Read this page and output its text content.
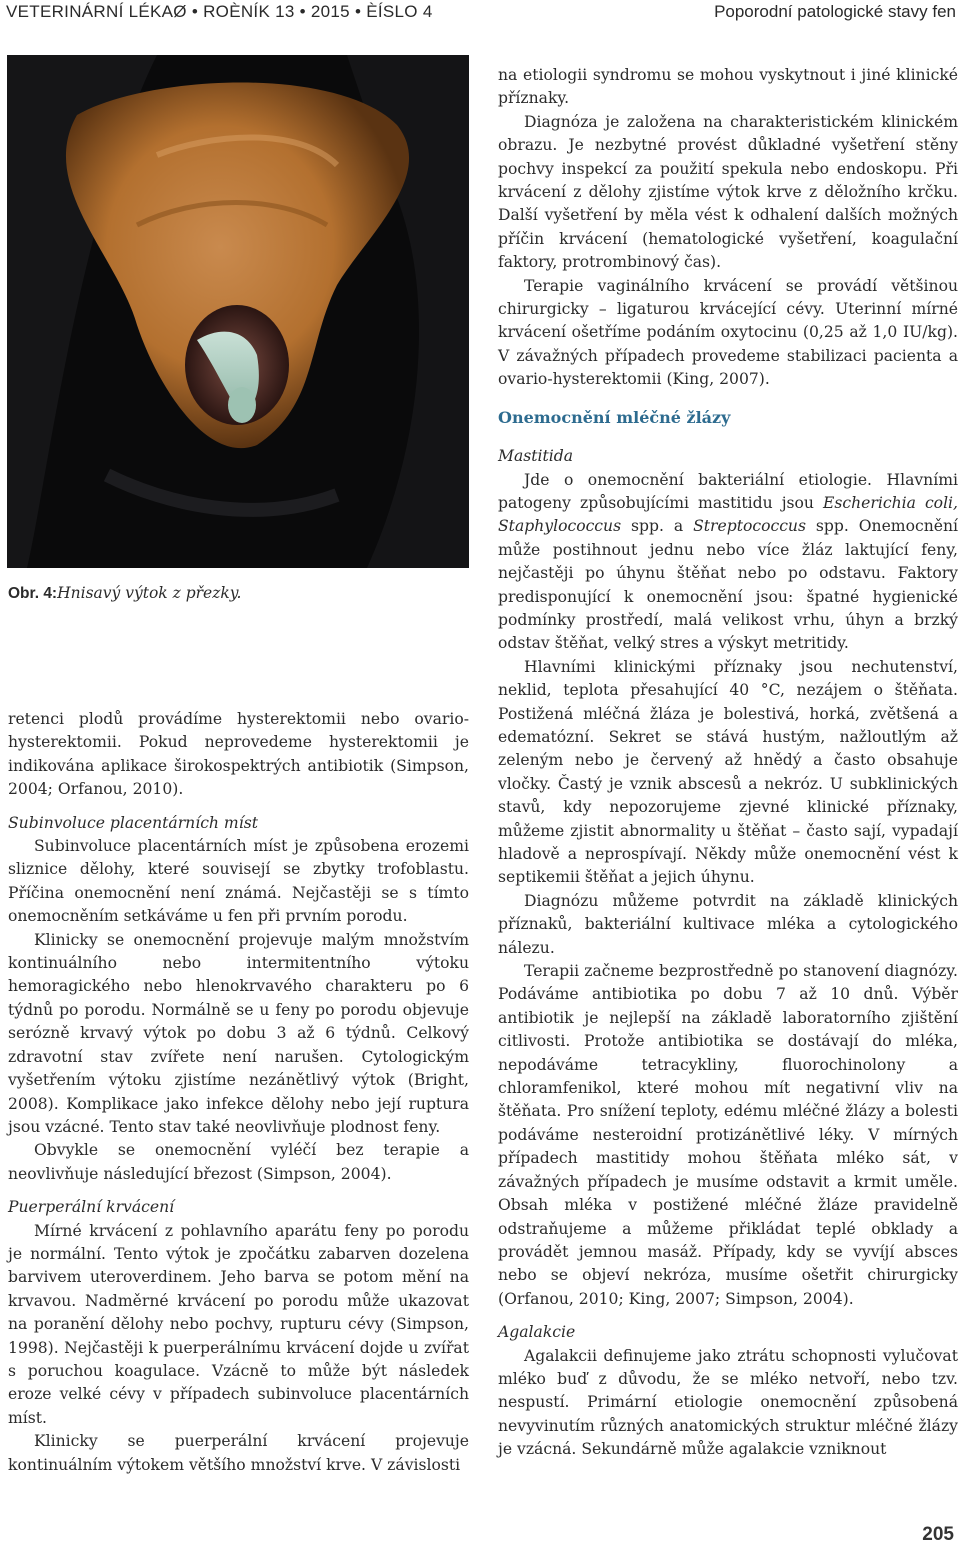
VETERINÁRNÍ LÉKAØ • ROÈNÍK 13 • 2015 • ÈÍSLO 4	Poporodní patologické stavy fen
Obr. 4:Hnisavý výtok z přezky.

retenci plodů provádíme hysterektomii nebo ovario-hysterektomii. Pokud neprovedeme hysterektomii je indikována aplikace širokospektrých antibiotik (Simpson, 2004; Orfanou, 2010).

Subinvoluce placentárních míst

Subinvoluce placentárních míst je způsobena erozemi sliznice dělohy, které souvisejí se zbytky trofoblastu. Příčina onemocnění není známá. Nejčastěji se s tímto onemocněním setkáváme u fen při prvním porodu.

Klinicky se onemocnění projevuje malým množstvím kontinuálního nebo intermitentního výtoku hemoragického nebo hlenokrvavého charakteru po 6 týdnů po porodu. Normálně se u feny po porodu objevuje serózně krvavý výtok po dobu 3 až 6 týdnů. Celkový zdravotní stav zvířete není narušen. Cytologickým vyšetřením výtoku zjistíme nezánětlivý výtok (Bright, 2008). Komplikace jako infekce dělohy nebo její ruptura jsou vzácné. Tento stav také neovlivňuje plodnost feny.

Obvykle se onemocnění vyléčí bez terapie a neovlivňuje následující březost (Simpson, 2004).

Puerperální krvácení

Mírné krvácení z pohlavního aparátu feny po porodu je normální. Tento výtok je zpočátku zabarven dozelena barvivem uteroverdinem. Jeho barva se potom mění na krvavou. Nadměrné krvácení po porodu může ukazovat na poranění dělohy nebo pochvy, rupturu cévy (Simpson, 1998). Nejčastěji k puerperálnímu krvácení dojde u zvířat s poruchou koagulace. Vzácně to může být následek eroze velké cévy v případech subinvoluce placentárních míst.

Klinicky se puerperální krvácení projevuje kontinuálním výtokem většího množství krve. V závislosti

na etiologii syndromu se mohou vyskytnout i jiné klinické příznaky.

Diagnóza je založena na charakteristickém klinickém obrazu. Je nezbytné provést důkladné vyšetření stěny pochvy inspekcí za použití spekula nebo endoskopu. Při krvácení z dělohy zjistíme výtok krve z děložního krčku. Další vyšetření by měla vést k odhalení dalších možných příčin krvácení (hematologické vyšetření, koagulační faktory, protrombinový čas).

Terapie vaginálního krvácení se provádí většinou chirurgicky – ligaturou krvácející cévy. Uterinní mírné krvácení ošetříme podáním oxytocinu (0,25 až 1,0 IU/kg). V závažných případech provedeme stabilizaci pacienta a ovario-hysterektomii (King, 2007).

Onemocnění mléčné žlázy

Mastitida

Jde o onemocnění bakteriální etiologie. Hlavními patogeny způsobujícími mastitidu jsou Escherichia coli, Staphylococcus spp. a Streptococcus spp. Onemocnění může postihnout jednu nebo více žláz laktující feny, nejčastěji po úhynu štěňat nebo po odstavu. Faktory predisponující k onemocnění jsou: špatné hygienické podmínky prostředí, malá velikost vrhu, úhyn a brzký odstav štěňat, velký stres a výskyt metritidy.

Hlavními klinickými příznaky jsou nechutenství, neklid, teplota přesahující 40 °C, nezájem o štěňata. Postižená mléčná žláza je bolestivá, horká, zvětšená a edematózní. Sekret se stává hustým, nažloutlým až zeleným nebo je červený až hnědý a často obsahuje vločky. Častý je vznik abscesů a nekróz. U subklinických stavů, kdy nepozorujeme zjevné klinické příznaky, můžeme zjistit abnormality u štěňat – často sají, vypadají hladově a neprospívají. Někdy může onemocnění vést k septikemii štěňat a jejich úhynu.

Diagnózu můžeme potvrdit na základě klinických příznaků, bakteriální kultivace mléka a cytologického nálezu.

Terapii začneme bezprostředně po stanovení diagnózy. Podáváme antibiotika po dobu 7 až 10 dnů. Výběr antibiotik je nejlepší na základě laboratorního zjištění citlivosti. Protože antibiotika se dostávají do mléka, nepodáváme tetracykliny, fluorochinolony a chloramfenikol, které mohou mít negativní vliv na štěňata. Pro snížení teploty, edému mléčné žlázy a bolesti podáváme nesteroidní protizánětlivé léky. V mírných případech mastitidy mohou štěňata mléko sát, v závažných případech je musíme odstavit a krmit uměle. Obsah mléka v postižené mléčné žláze pravidelně odstraňujeme a můžeme přikládat teplé obklady a provádět jemnou masáž. Případy, kdy se vyvíjí absces nebo se objeví nekróza, musíme ošetřit chirurgicky (Orfanou, 2010; King, 2007; Simpson, 2004).

Agalakcie

Agalakcii definujeme jako ztrátu schopnosti vylučovat mléko buď z důvodu, že se mléko netvoří, nebo tzv. nespustí. Primární etiologie onemocnění způsobená nevyvinutím různých anatomických struktur mléčné žlázy je vzácná. Sekundárně může agalakcie vzniknout

205
